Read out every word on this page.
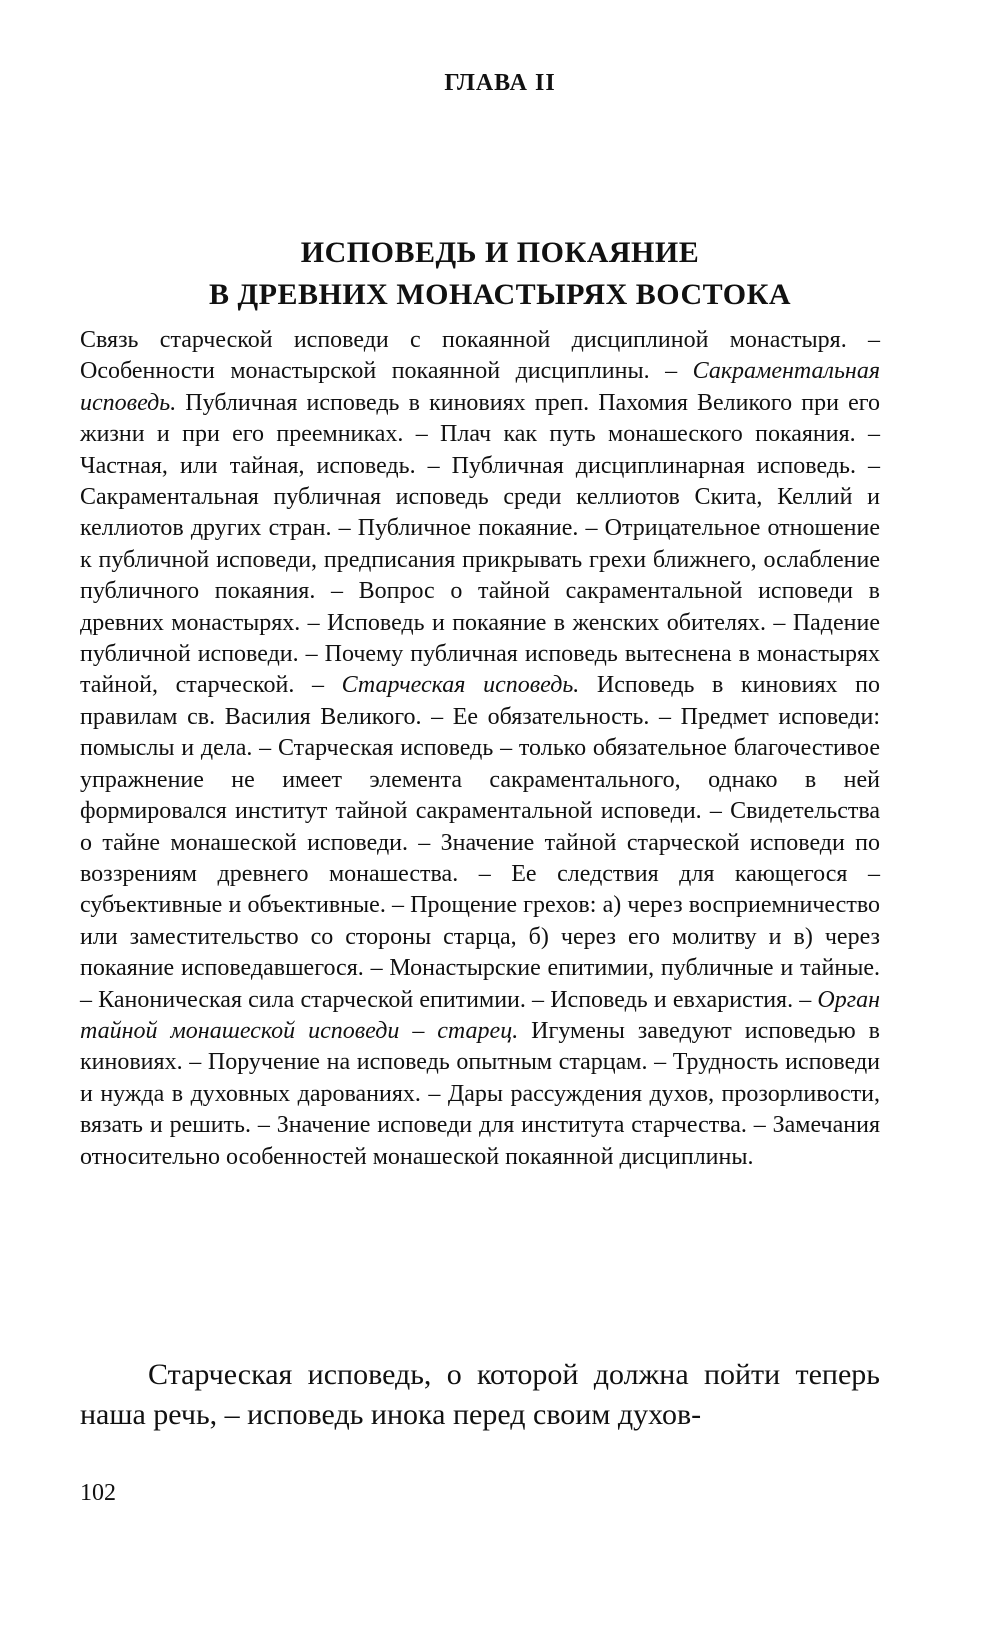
ГЛАВА II
ИСПОВЕДЬ И ПОКАЯНИЕ
В ДРЕВНИХ МОНАСТЫРЯХ ВОСТОКА
Связь старческой исповеди с покаянной дисциплиной монастыря. – Особенности монастырской покаянной дисциплины. – Сакраментальная исповедь. Публичная исповедь в киновиях преп. Пахомия Великого при его жизни и при его преемниках. – Плач как путь монашеского покаяния. – Частная, или тайная, исповедь. – Публичная дисциплинарная исповедь. – Сакраментальная публичная исповедь среди келлиотов Скита, Келлий и келлиотов других стран. – Публичное покаяние. – Отрицательное отношение к публичной исповеди, предписания прикрывать грехи ближнего, ослабление публичного покаяния. – Вопрос о тайной сакраментальной исповеди в древних монастырях. – Исповедь и покаяние в женских обителях. – Падение публичной исповеди. – Почему публичная исповедь вытеснена в монастырях тайной, старческой. – Старческая исповедь. Исповедь в киновиях по правилам св. Василия Великого. – Ее обязательность. – Предмет исповеди: помыслы и дела. – Старческая исповедь – только обязательное благочестивое упражнение не имеет элемента сакраментального, однако в ней формировался институт тайной сакраментальной исповеди. – Свидетельства о тайне монашеской исповеди. – Значение тайной старческой исповеди по воззрениям древнего монашества. – Ее следствия для кающегося – субъективные и объективные. – Прощение грехов: а) через восприемничество или заместительство со стороны старца, б) через его молитву и в) через покаяние исповедавшегося. – Монастырские епитимии, публичные и тайные. – Каноническая сила старческой епитимии. – Исповедь и евхаристия. – Орган тайной монашеской исповеди – старец. Игумены заведуют исповедью в киновиях. – Поручение на исповедь опытным старцам. – Трудность исповеди и нужда в духовных дарованиях. – Дары рассуждения духов, прозорливости, вязать и решить. – Значение исповеди для института старчества. – Замечания относительно особенностей монашеской покаянной дисциплины.
Старческая исповедь, о которой должна пойти теперь наша речь, – исповедь инока перед своим духов-
102
